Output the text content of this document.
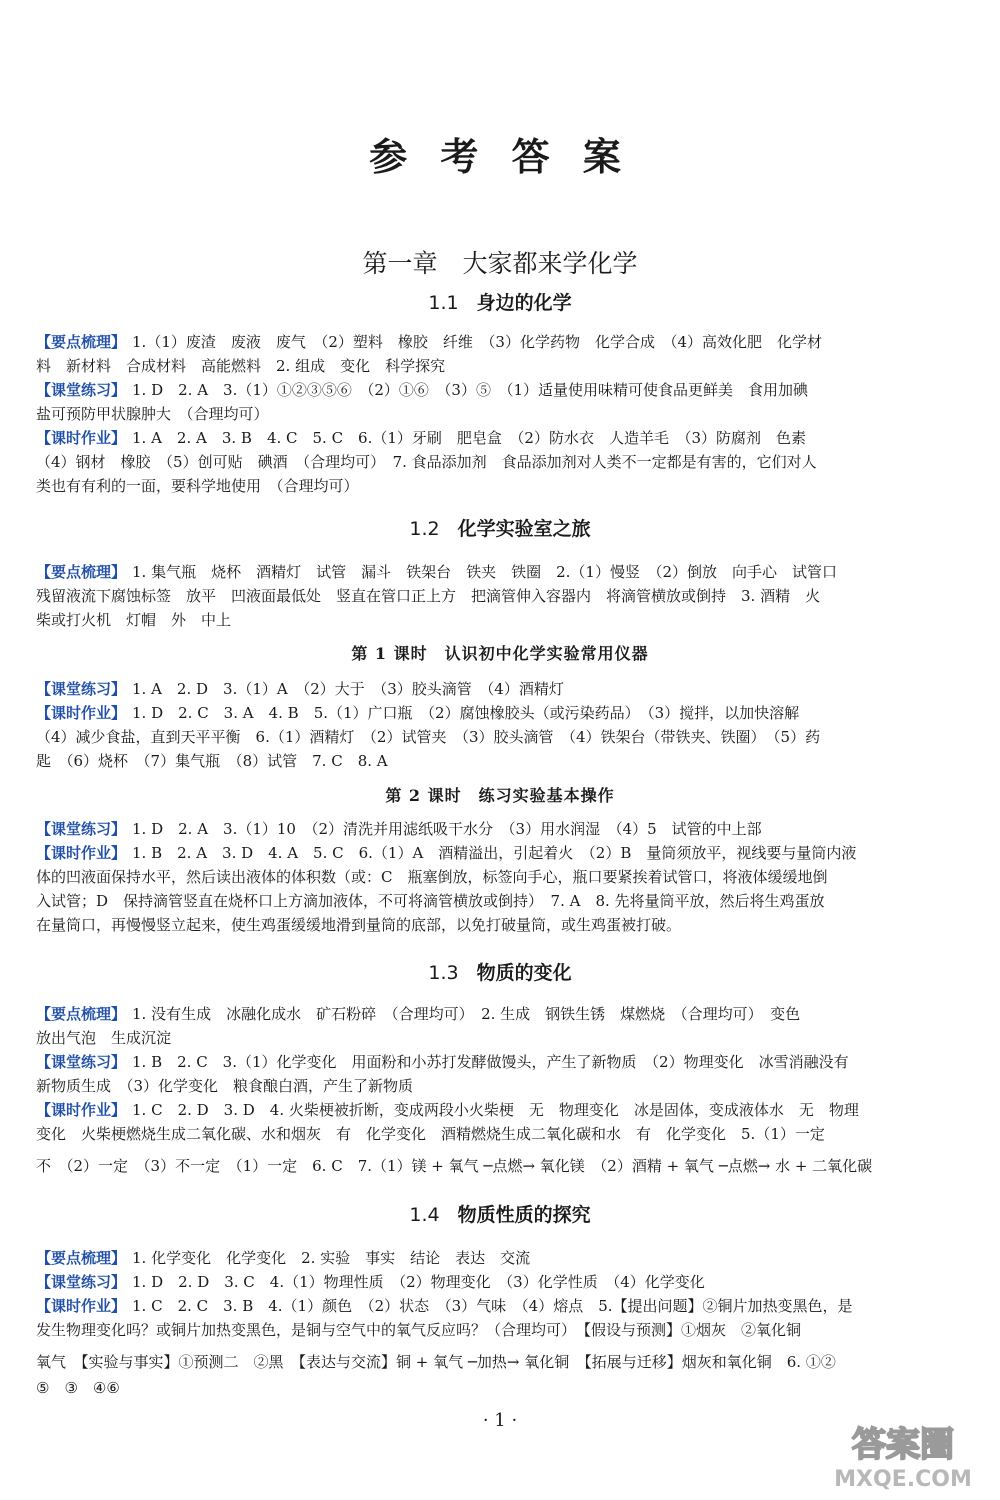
参 考 答 案
第一章　大家都来学化学
1.1 身边的化学
【要点梳理】 1.（1）废渣　废液　废气　（2）塑料　橡胶　纤维　（3）化学药物　化学合成　（4）高效化肥　化学材
料　新材料　合成材料　高能燃料　2. 组成　变化　科学探究
【课堂练习】 1. D　2. A　3.（1）①②③⑤⑥　（2）①⑥　（3）⑤　（1）适量使用味精可使食品更鲜美　食用加碘
盐可预防甲状腺肿大　（合理均可）
【课时作业】 1. A　2. A　3. B　4. C　5. C　6.（1）牙刷　肥皂盒　（2）防水衣　人造羊毛　（3）防腐剂　色素
（4）钢材　橡胶　（5）创可贴　碘酒　（合理均可）　7. 食品添加剂　食品添加剂对人类不一定都是有害的，它们对人
类也有有利的一面，要科学地使用　（合理均可）
1.2 化学实验室之旅
【要点梳理】 1. 集气瓶　烧杯　酒精灯　试管　漏斗　铁架台　铁夹　铁圈　2.（1）慢竖　（2）倒放　向手心　试管口
残留液流下腐蚀标签　放平　凹液面最低处　竖直在管口正上方　把滴管伸入容器内　将滴管横放或倒持　3. 酒精　火
柴或打火机　灯帽　外　中上
第 1 课时　认识初中化学实验常用仪器
【课堂练习】 1. A　2. D　3.（1）A　（2）大于　（3）胶头滴管　（4）酒精灯
【课时作业】 1. D　2. C　3. A　4. B　5.（1）广口瓶　（2）腐蚀橡胶头（或污染药品）　（3）搅拌，以加快溶解
（4）减少食盐，直到天平平衡　6.（1）酒精灯　（2）试管夹　（3）胶头滴管　（4）铁架台（带铁夹、铁圈）　（5）药
匙　（6）烧杯　（7）集气瓶　（8）试管　7. C　8. A
第 2 课时　练习实验基本操作
【课堂练习】 1. D　2. A　3.（1）10　（2）清洗并用滤纸吸干水分　（3）用水润湿　（4）5　试管的中上部
【课时作业】 1. B　2. A　3. D　4. A　5. C　6.（1）A　酒精溢出，引起着火　（2）B　量筒须放平，视线要与量筒内液
体的凹液面保持水平，然后读出液体的体积数（或：C　瓶塞倒放，标签向手心，瓶口要紧挨着试管口，将液体缓缓地倒
入试管；D　保持滴管竖直在烧杯口上方滴加液体，不可将滴管横放或倒持）　7. A　8. 先将量筒平放，然后将生鸡蛋放
在量筒口，再慢慢竖立起来，使生鸡蛋缓缓地滑到量筒的底部，以免打破量筒，或生鸡蛋被打破。
1.3 物质的变化
【要点梳理】 1. 没有生成　冰融化成水　矿石粉碎　（合理均可）　2. 生成　钢铁生锈　煤燃烧　（合理均可）　变色
放出气泡　生成沉淀
【课堂练习】 1. B　2. C　3.（1）化学变化　用面粉和小苏打发酵做馒头，产生了新物质　（2）物理变化　冰雪消融没有
新物质生成　（3）化学变化　粮食酿白酒，产生了新物质
【课时作业】 1. C　2. D　3. D　4. 火柴梗被折断，变成两段小火柴梗　无　物理变化　冰是固体，变成液体水　无　物理
变化　火柴梗燃烧生成二氧化碳、水和烟灰　有　化学变化　酒精燃烧生成二氧化碳和水　有　化学变化　5.（1）一定
不　（2）一定　（3）不一定　（1）一定　6. C　7.（1）镁 + 氧气 ─点燃→ 氧化镁　（2）酒精 + 氧气 ─点燃→ 水 + 二氧化碳
1.4 物质性质的探究
【要点梳理】 1. 化学变化　化学变化　2. 实验　事实　结论　表达　交流
【课堂练习】 1. D　2. D　3. C　4.（1）物理性质　（2）物理变化　（3）化学性质　（4）化学变化
【课时作业】 1. C　2. C　3. B　4.（1）颜色　（2）状态　（3）气味　（4）熔点　5.【提出问题】②铜片加热变黑色，是
发生物理变化吗？或铜片加热变黑色，是铜与空气中的氧气反应吗？（合理均可）　【假设与预测】①烟灰　②氧化铜
氧气　【实验与事实】①预测二　②黑　【表达与交流】铜 + 氧气 ─加热→ 氧化铜　【拓展与迁移】烟灰和氧化铜　6. ①②
⑤　③　④⑥
· 1 ·
答案圈
MXQE.COM
